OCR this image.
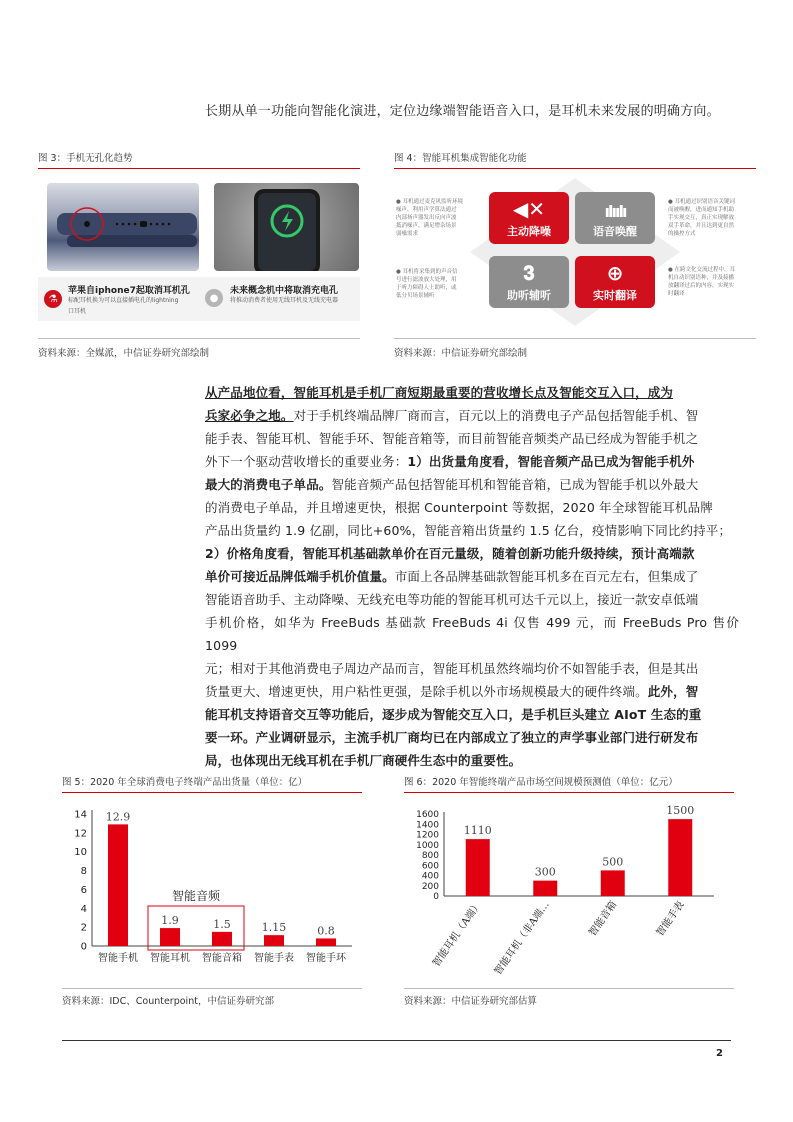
长期从单一功能向智能化演进，定位边缘端智能语音入口，是耳机未来发展的明确方向。
图 3：手机无孔化趋势
⚗
苹果自iphone7起取消耳机孔
标配耳机换为可以直接插电孔的lightning
口耳机
●
未来概念机中将取消充电孔
将推动消费者使用无线耳机及无线充电器
资料来源：全媒派，中信证券研究部绘制
图 4：智能耳机集成智能化功能
◀✕
主动降噪
ılıılı
语音唤醒
𝟑
助听辅听
⊕
实时翻译
● 耳机通过麦克风监听环境
噪声，利用声学算法通过
内部扬声器发出反向声波
抵消噪声，满足增杂场景
弱噪需求
● 耳机将采集到的声音信
号进行滤波放大处理，用
于听力障碍人士助听，或
低分贝场景辅听
● 耳机通过识别语音关键词
而被唤醒，进而通知手机助
手实现交互，真正实现解放
双手革命，并且达到更自然
的操控方式
● 在跨文化交流过程中，耳
机自动识别语种，并及接播
放翻译过后的内容，实现实
时翻译
资料来源：中信证券研究部绘制
从产品地位看，智能耳机是手机厂商短期最重要的营收增长点及智能交互入口，成为
兵家必争之地。对于手机终端品牌厂商而言，百元以上的消费电子产品包括智能手机、智
能手表、智能耳机、智能手环、智能音箱等，而目前智能音频类产品已经成为智能手机之
外下一个驱动营收增长的重要业务：1）出货量角度看，智能音频产品已成为智能手机外
最大的消费电子单品。智能音频产品包括智能耳机和智能音箱，已成为智能手机以外最大
的消费电子单品，并且增速更快，根据 Counterpoint 等数据，2020 年全球智能耳机品牌
产品出货量约 1.9 亿副，同比+60%，智能音箱出货量约 1.5 亿台，疫情影响下同比约持平；
2）价格角度看，智能耳机基础款单价在百元量级，随着创新功能升级持续，预计高端款
单价可接近品牌低端手机价值量。市面上各品牌基础款智能耳机多在百元左右，但集成了
智能语音助手、主动降噪、无线充电等功能的智能耳机可达千元以上，接近一款安卓低端
手机价格，如华为 FreeBuds 基础款 FreeBuds 4i 仅售 499 元，而 FreeBuds Pro 售价 1099
元；相对于其他消费电子周边产品而言，智能耳机虽然终端均价不如智能手表，但是其出
货量更大、增速更快，用户粘性更强，是除手机以外市场规模最大的硬件终端。此外，智
能耳机支持语音交互等功能后，逐步成为智能交互入口，是手机巨头建立 AIoT 生态的重
要一环。产业调研显示，主流手机厂商均已在内部成立了独立的声学事业部门进行研发布
局，也体现出无线耳机在手机厂商硬件生态中的重要性。
图 5：2020 年全球消费电子终端产品出货量（单位：亿）
0
2
4
6
8
10
12
14 12.9
智能手机
1.9
智能耳机
1.5
智能音箱
1.15
智能手表
0.8
智能手环
智能音频
资料来源：IDC、Counterpoint，中信证券研究部
图 6：2020 年智能终端产品市场空间规模预测值（单位：亿元）
0
200
400
600
800
1000
1200
1400
1600
1110
智能耳机（A端）
300
智能耳机（非A端…
500
智能音箱
1500
智能手表
资料来源：中信证券研究部估算
2
